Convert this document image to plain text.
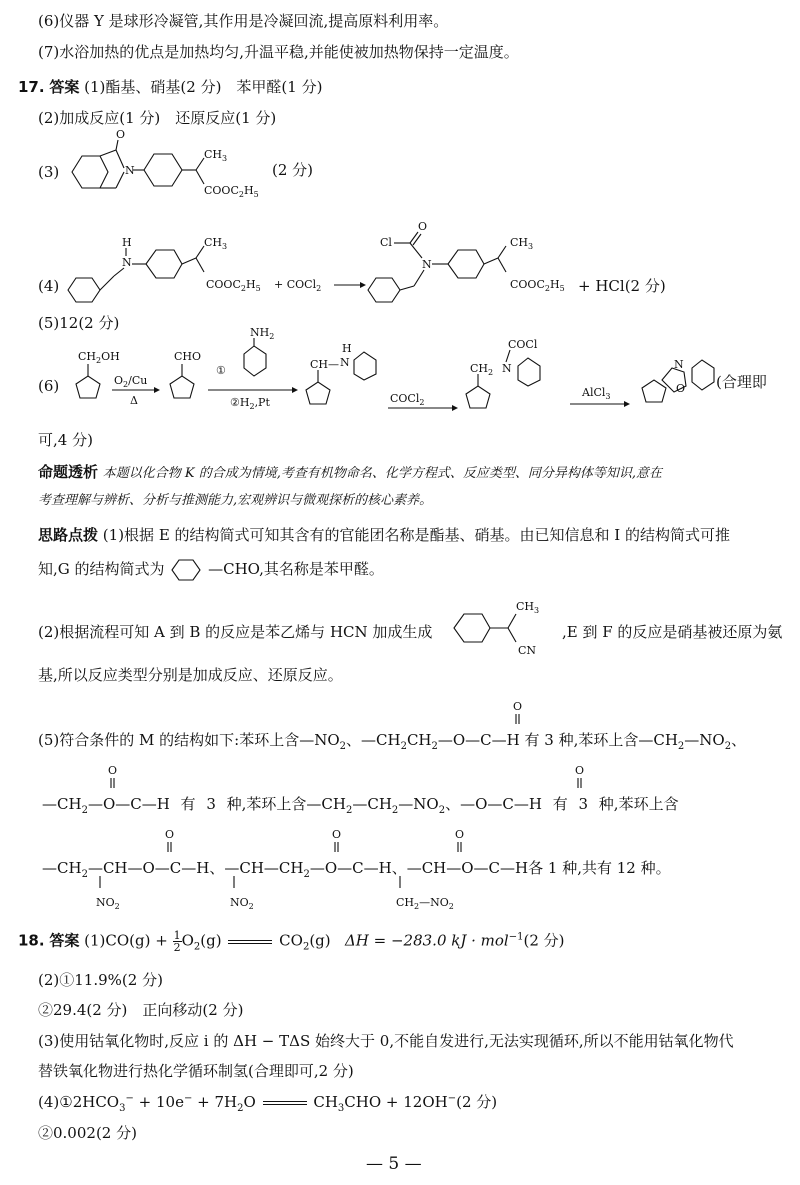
(6)仪器 Y 是球形冷凝管,其作用是冷凝回流,提高原料利用率。
(7)水浴加热的优点是加热均匀,升温平稳,并能使被加热物保持一定温度。
17. 答案 (1)酯基、硝基(2 分)　苯甲醛(1 分)
(2)加成反应(1 分)　还原反应(1 分)
(3)
O
N
$CH_3$
$COOC_2H_5$
(2 分)
(4)
N
H	$CH_3$
$COOC_2H_5$ + COCl$_2$
Cl
O
N
$CH_3$
$COOC_2H_5 + HCl(2$ 分)
(5)12(2 分)
(6)
$CH_2OH$
$O_2/Cu$
Δ
CHO
$NH_2$
①
$②H_2,Pt$
CH— N
H
COCl$_2$
$CH_2$ N
COCl
AlCl$_3$
N
O (合理即
可,4 分)
命题透析 本题以化合物 K 的合成为情境,考查有机物命名、化学方程式、反应类型、同分异构体等知识,意在
考查理解与辨析、分析与推测能力,宏观辨识与微观探析的核心素养。
思路点拨 (1)根据 E 的结构简式可知其含有的官能团名称是酯基、硝基。由已知信息和 I 的结构简式可推
知,G 的结构简式为	—CHO,其名称是苯甲醛。
(2)根据流程可知 A 到 B 的反应是苯乙烯与 HCN 加成生成	,E 到 F 的反应是硝基被还原为氨
$CH_3$
CN
基,所以反应类型分别是加成反应、还原反应。
O
O	O
O	O	O
$NO_2$	$NO_2$	$CH_2—NO_2$
(5)符合条件的 M 的结构如下:苯环上含$—NO_2$、$—CH_2CH_2—O—C—H$ 有 3 种,苯环上含$—CH_2—NO_2$、
$—CH_2—O—C—H$ 有 3 种,苯环上含$—CH_2—CH_2—NO_2$、—O—C—H 有 3 种,苯环上含
$—CH_2—CH—O—C—H$、$—CH—CH_2—O—C—H$、—CH—O—C—H各 1 种,共有 12 种。
18. 答案 $(1)CO(g) + \frac{1}{2} O_2(g)$	$CO_2(g) \Delta H = -283.0$ kJ · mol$^{-1}$(2 分)
(2)①11.9%(2 分)
②29.4(2 分)　正向移动(2 分)
(3)使用钴氧化物时,反应 ⅰ 的 ΔH − TΔS 始终大于 0,不能自发进行,无法实现循环,所以不能用钴氧化物代
替铁氧化物进行热化学循环制氢(合理即可,2 分)
$(4)①2HCO_3^- + 10e^- + 7H_2O$	$CH_3CHO + 12OH^-(2$ 分)
②0.002(2 分)
— 5 —
